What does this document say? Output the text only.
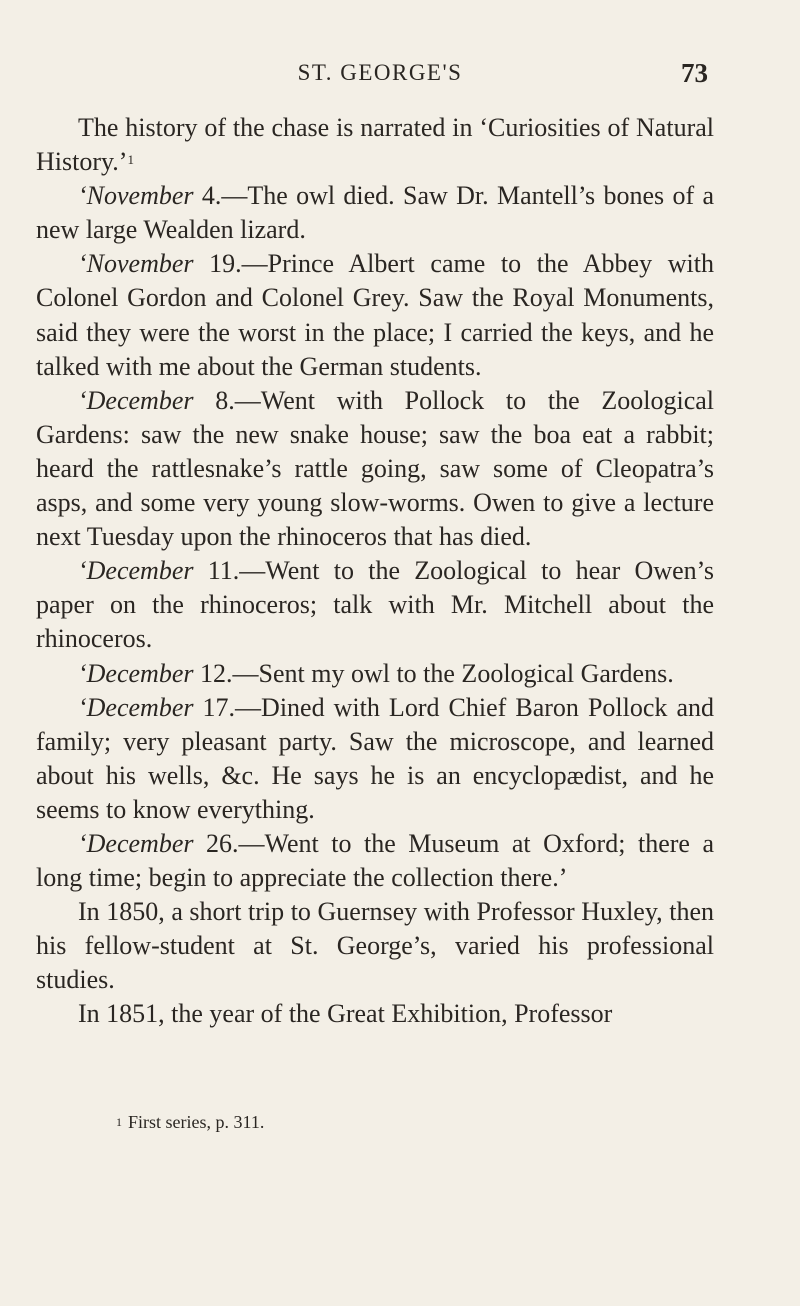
ST. GEORGE'S	73

The history of the chase is narrated in ‘Curiosities of Natural History.’$^1$

‘November 4.—The owl died. Saw Dr. Mantell’s bones of a new large Wealden lizard.

‘November 19.—Prince Albert came to the Abbey with Colonel Gordon and Colonel Grey. Saw the Royal Monuments, said they were the worst in the place; I carried the keys, and he talked with me about the German students.

‘December 8.—Went with Pollock to the Zoological Gardens: saw the new snake house; saw the boa eat a rabbit; heard the rattlesnake’s rattle going, saw some of Cleopatra’s asps, and some very young slow-worms. Owen to give a lecture next Tuesday upon the rhinoceros that has died.

‘December 11.—Went to the Zoological to hear Owen’s paper on the rhinoceros; talk with Mr. Mitchell about the rhinoceros.

‘December 12.—Sent my owl to the Zoological Gardens.

‘December 17.—Dined with Lord Chief Baron Pollock and family; very pleasant party. Saw the microscope, and learned about his wells, &c. He says he is an encyclopædist, and he seems to know everything.

‘December 26.—Went to the Museum at Oxford; there a long time; begin to appreciate the collection there.’

In 1850, a short trip to Guernsey with Professor Huxley, then his fellow-student at St. George’s, varied his professional studies.

In 1851, the year of the Great Exhibition, Professor

$^1$ First series, p. 311.
